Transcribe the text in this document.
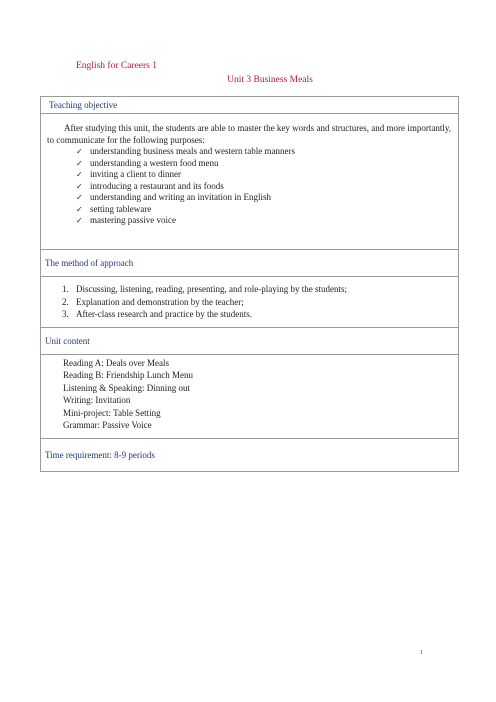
English for Careers 1
Unit 3 Business Meals
Teaching objective
After studying this unit, the students are able to master the key words and structures, and more importantly, to communicate for the following purposes:
✓ understanding business meals and western table manners
✓ understanding a western food menu
✓ inviting a client to dinner
✓ introducing a restaurant and its foods
✓ understanding and writing an invitation in English
✓ setting tableware
✓ mastering passive voice
The method of approach
1. Discussing, listening, reading, presenting, and role-playing by the students;
2. Explanation and demonstration by the teacher;
3. After-class research and practice by the students.
Unit content
Reading A: Deals over Meals
Reading B: Friendship Lunch Menu
Listening & Speaking: Dinning out
Writing: Invitation
Mini-project: Table Setting
Grammar: Passive Voice
Time requirement: 8-9 periods
1
